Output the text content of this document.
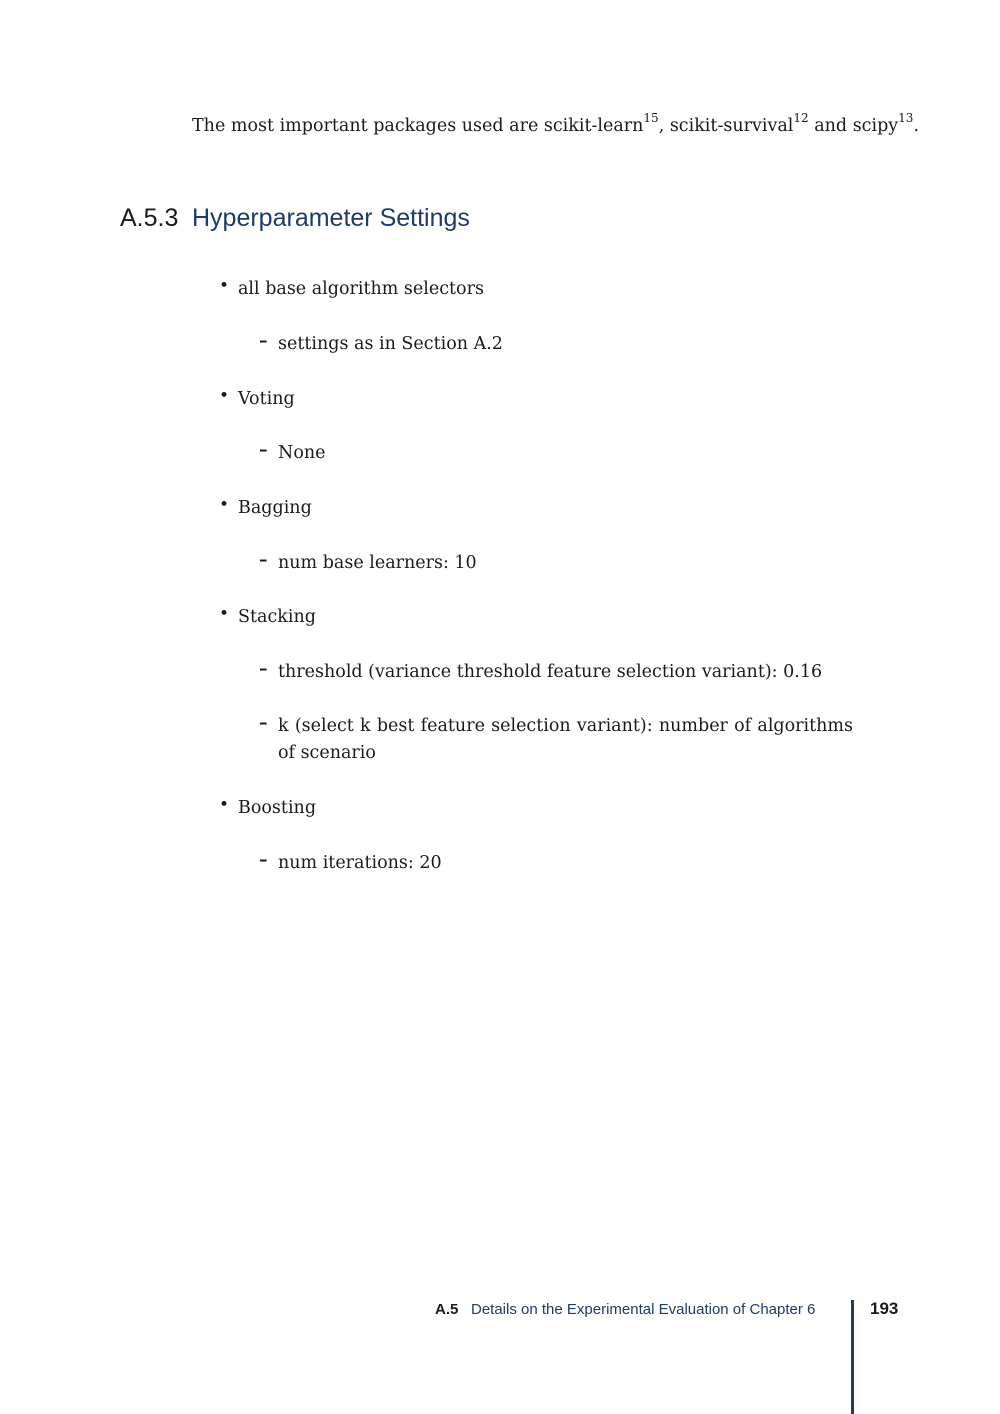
The most important packages used are scikit-learn$^{15}$, scikit-survival$^{12}$ and scipy$^{13}$.
A.5.3 Hyperparameter Settings
• all base algorithm selectors
– settings as in Section A.2
• Voting
– None
• Bagging
– num base learners: 10
• Stacking
– threshold (variance threshold feature selection variant): 0.16
– k (select k best feature selection variant): number of algorithms of scenario
• Boosting
– num iterations: 20
A.5 Details on the Experimental Evaluation of Chapter 6	193
